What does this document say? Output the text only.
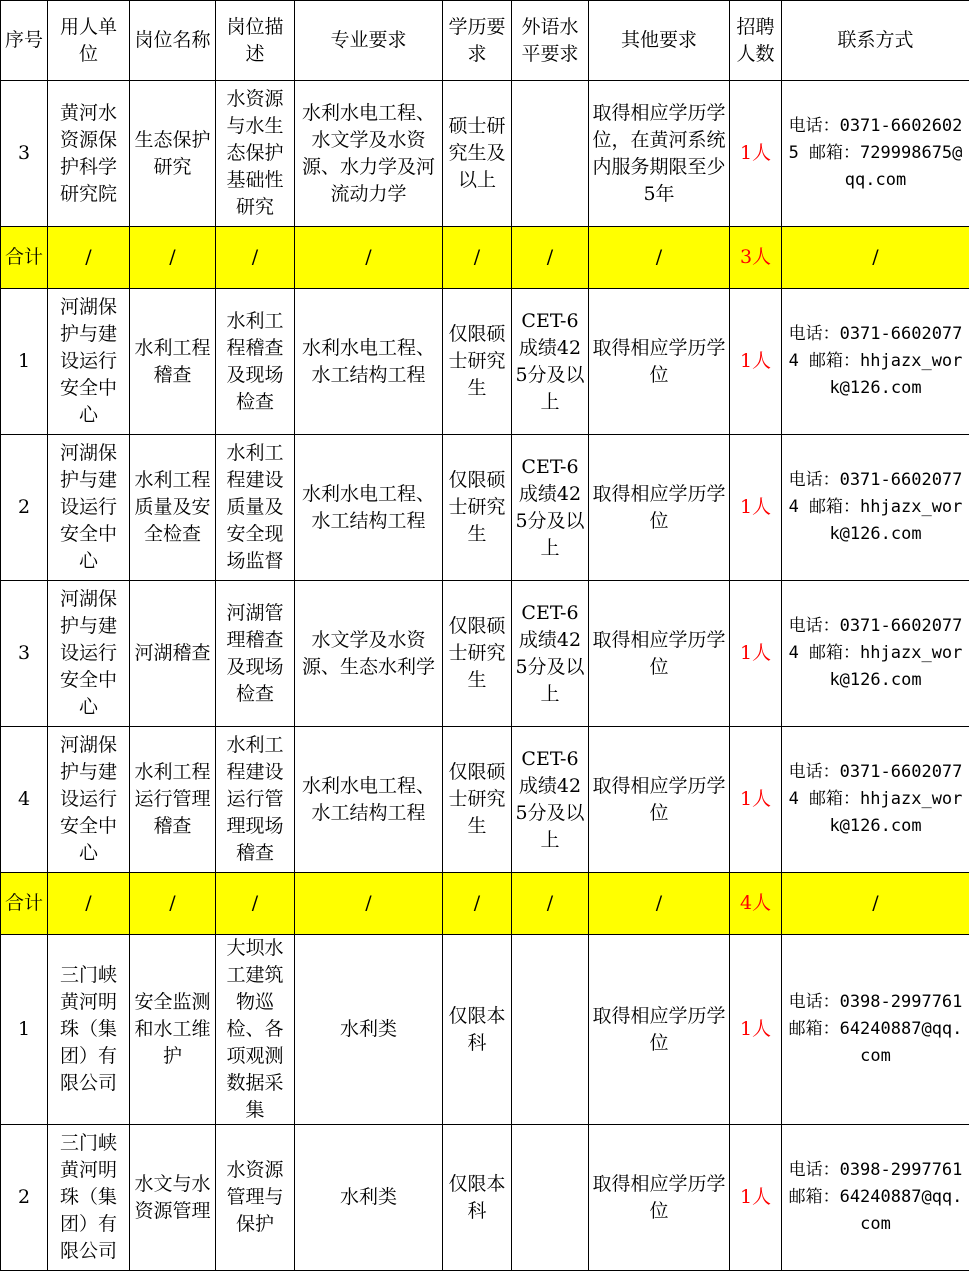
序号	用人单位	岗位名称	岗位描述	专业要求	学历要求	外语水平要求	其他要求	招聘人数	联系方式
3	黄河水资源保护科学研究院	生态保护研究	水资源与水生态保护基础性研究	水利水电工程、水文学及水资源、水力学及河流动力学	硕士研究生及以上		取得相应学历学位，在黄河系统内服务期限至少5年	1人	电话：0371-66026025 邮箱：729998675@qq.com
合计	/	/	/	/	/	/	/	3人	/
1	河湖保护与建设运行安全中心	水利工程稽查	水利工程稽查及现场检查	水利水电工程、水工结构工程	仅限硕士研究生	CET-6成绩425分及以上	取得相应学历学位	1人	电话：0371-66020774 邮箱：hhjazx_work@126.com
2	河湖保护与建设运行安全中心	水利工程质量及安全检查	水利工程建设质量及安全现场监督	水利水电工程、水工结构工程	仅限硕士研究生	CET-6成绩425分及以上	取得相应学历学位	1人	电话：0371-66020774 邮箱：hhjazx_work@126.com
3	河湖保护与建设运行安全中心	河湖稽查	河湖管理稽查及现场检查	水文学及水资源、生态水利学	仅限硕士研究生	CET-6成绩425分及以上	取得相应学历学位	1人	电话：0371-66020774 邮箱：hhjazx_work@126.com
4	河湖保护与建设运行安全中心	水利工程运行管理稽查	水利工程建设运行管理现场稽查	水利水电工程、水工结构工程	仅限硕士研究生	CET-6成绩425分及以上	取得相应学历学位	1人	电话：0371-66020774 邮箱：hhjazx_work@126.com
合计	/	/	/	/	/	/	/	4人	/
1	三门峡黄河明珠（集团）有限公司	安全监测和水工维护	大坝水工建筑物巡检、各项观测数据采集	水利类	仅限本科		取得相应学历学位	1人	电话：0398-2997761 邮箱：64240887@qq.com
2	三门峡黄河明珠（集团）有限公司	水文与水资源管理	水资源管理与保护	水利类	仅限本科		取得相应学历学位	1人	电话：0398-2997761 邮箱：64240887@qq.com
